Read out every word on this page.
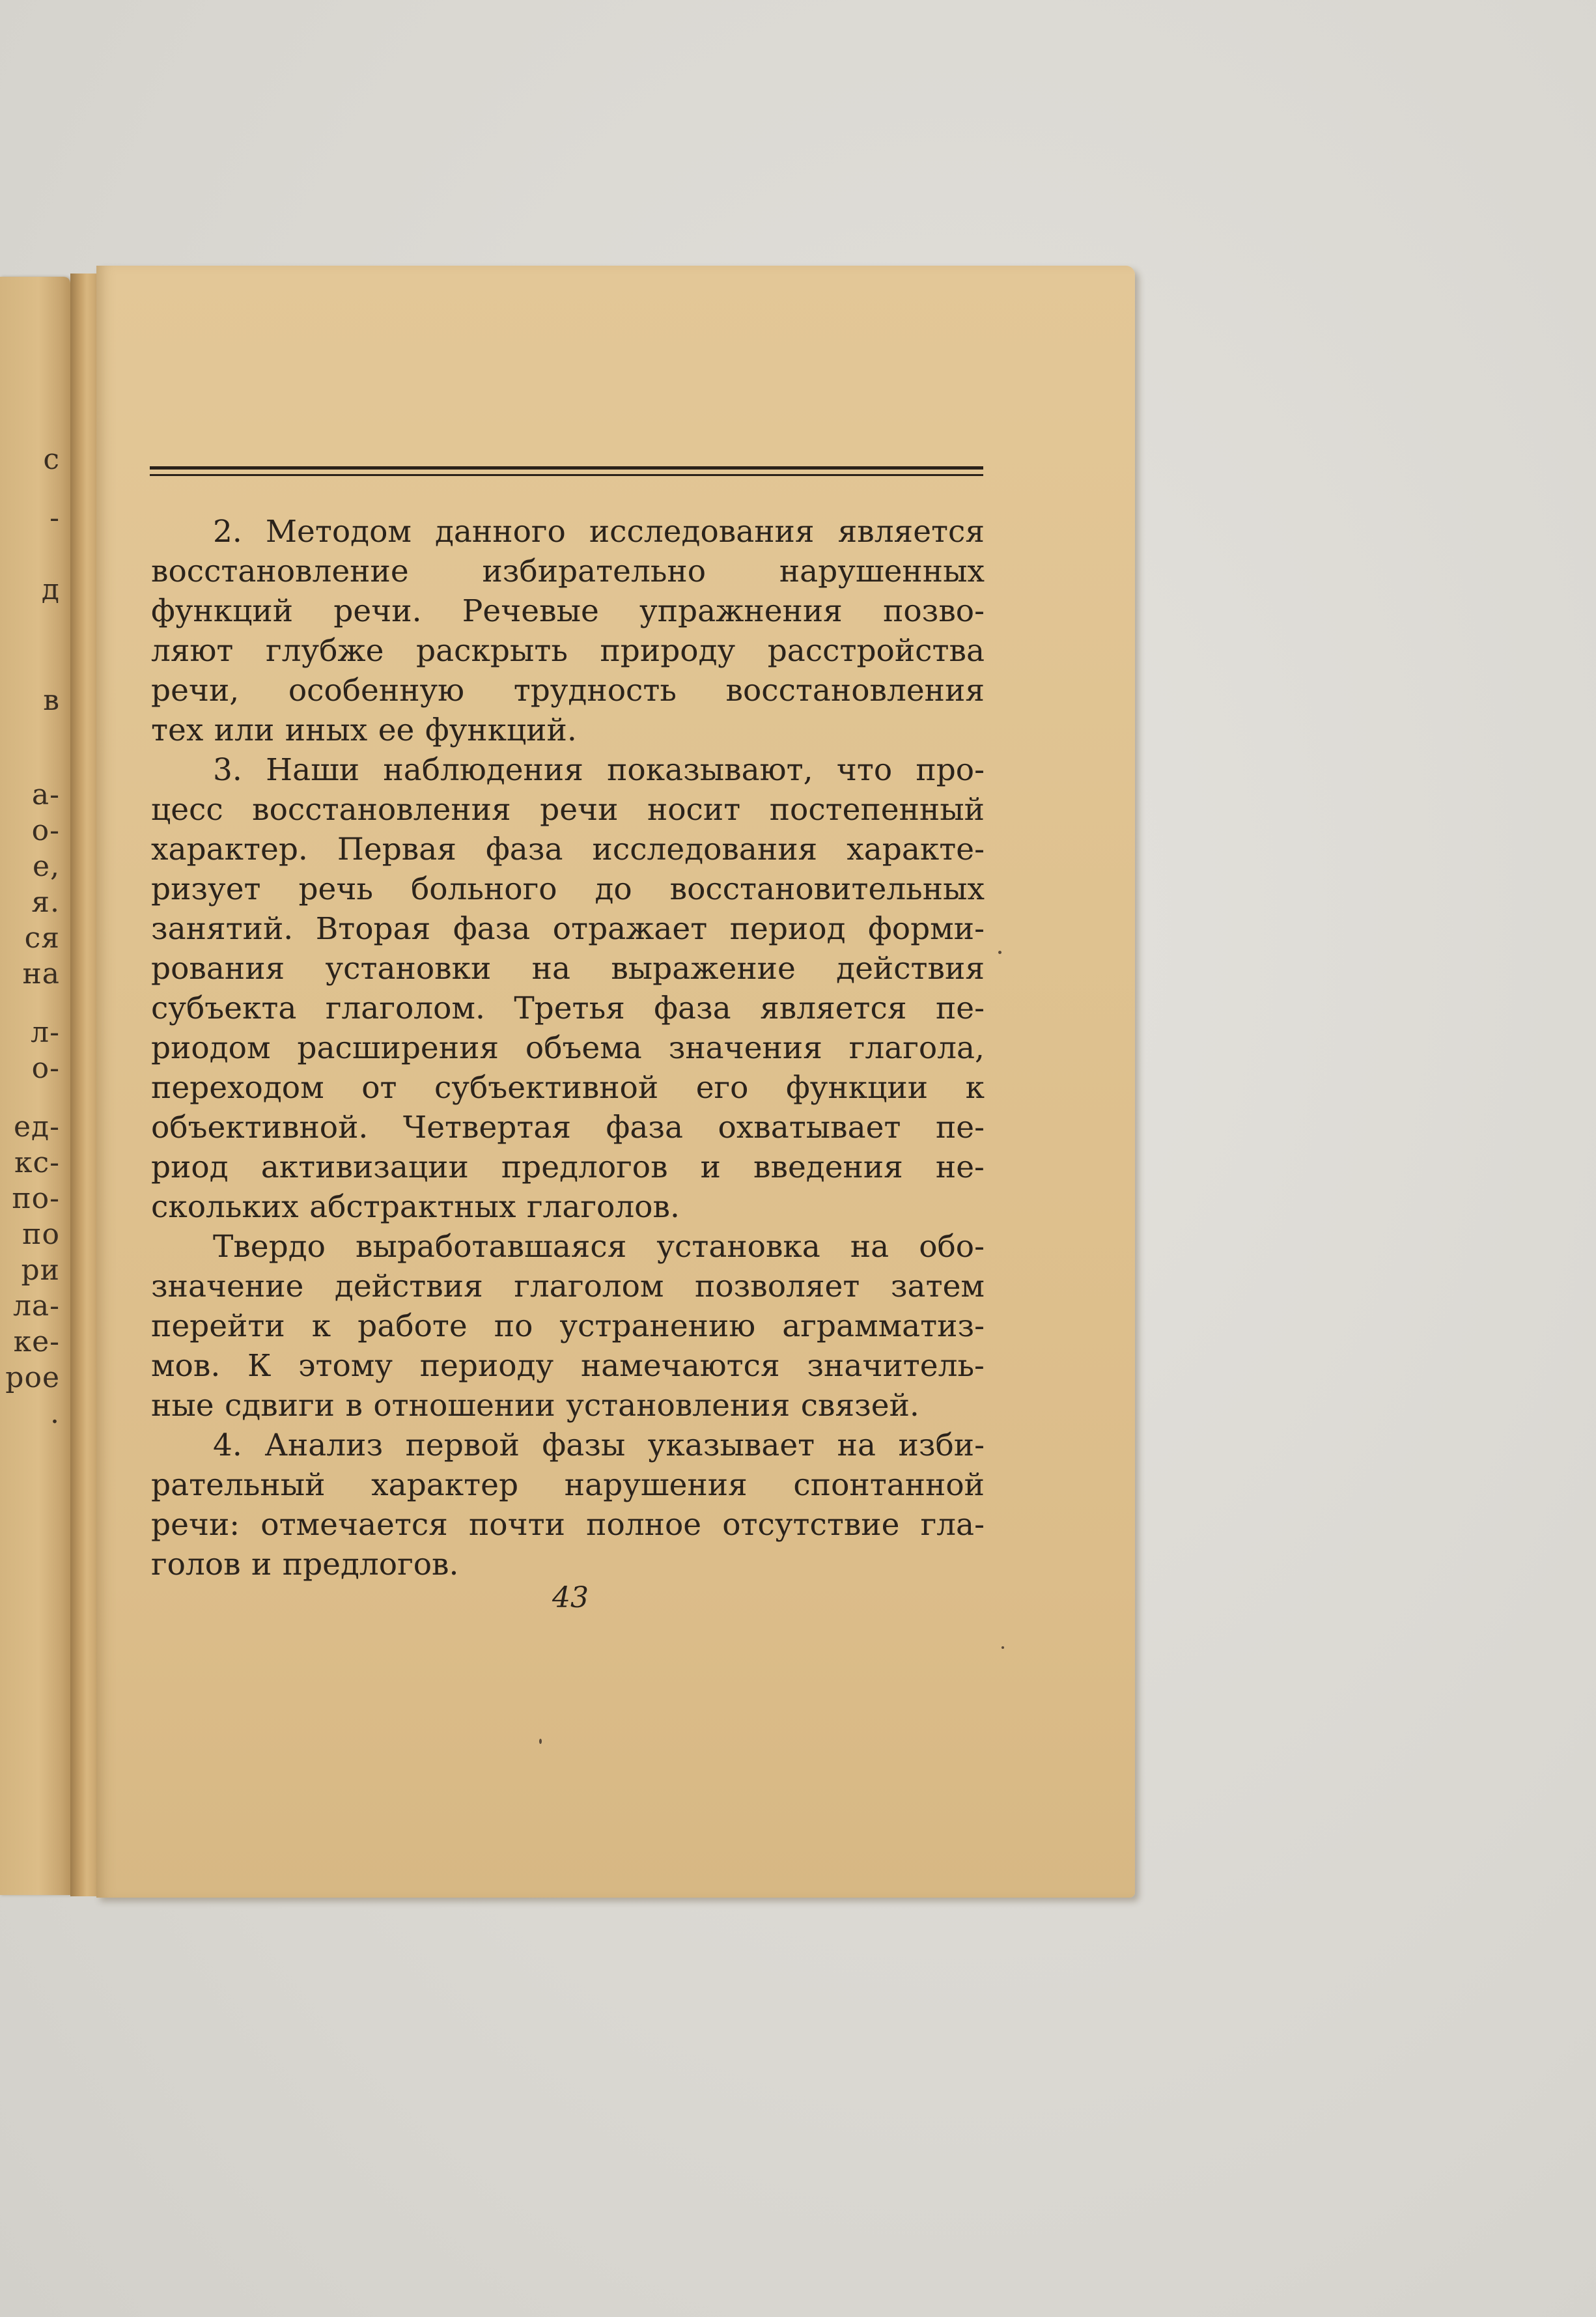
с
-
д
в
а-
о-
е,
я.
ся
на
л-
о-
ед-
кс-
по-
по
ри
ла-
ке-
рое
.
2. Методом данного исследования является
восстановление избирательно нарушенных
функций речи. Речевые упражнения позво-
ляют глубже раскрыть природу расстройства
речи, особенную трудность восстановления
тех или иных ее функций.
3. Наши наблюдения показывают, что про-
цесс восстановления речи носит постепенный
характер. Первая фаза исследования характе-
ризует речь больного до восстановительных
занятий. Вторая фаза отражает период форми-
рования установки на выражение действия
субъекта глаголом. Третья фаза является пе-
риодом расширения объема значения глагола,
переходом от субъективной его функции к
объективной. Четвертая фаза охватывает пе-
риод активизации предлогов и введения не-
скольких абстрактных глаголов.
Твердо выработавшаяся установка на обо-
значение действия глаголом позволяет затем
перейти к работе по устранению аграмматиз-
мов. К этому периоду намечаются значитель-
ные сдвиги в отношении установления связей.
4. Анализ первой фазы указывает на изби-
рательный характер нарушения спонтанной
речи: отмечается почти полное отсутствие гла-
голов и предлогов.
43
